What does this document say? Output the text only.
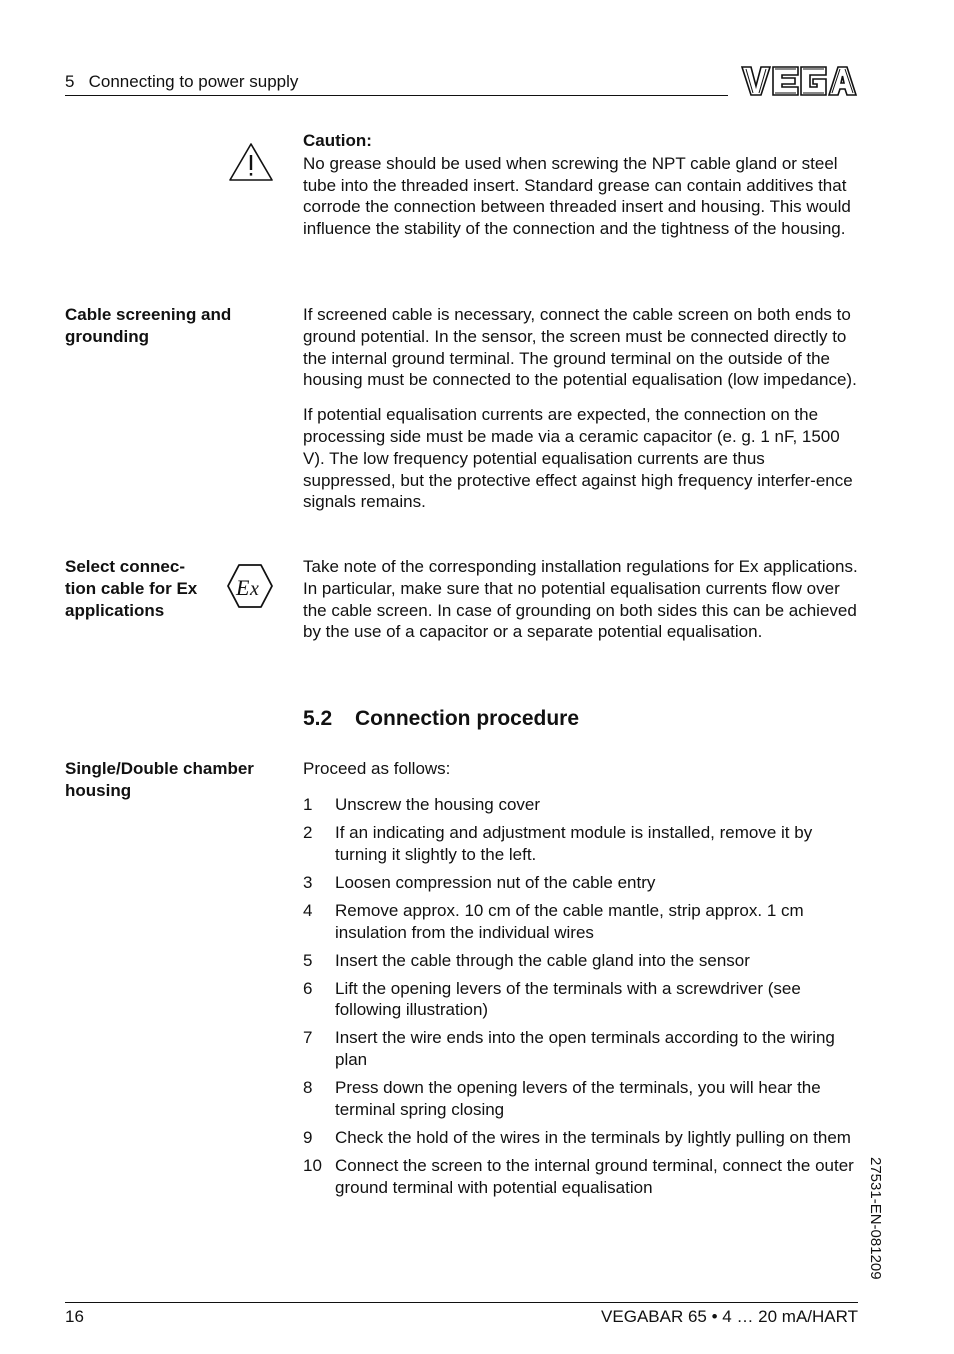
5   Connecting to power supply
Caution:

No grease should be used when screwing the NPT cable gland or steel tube into the threaded insert. Standard grease can contain additives that corrode the connection between threaded insert and housing. This would influence the stability of the connection and the tightness of the housing.

Cable screening and grounding

If screened cable is necessary, connect the cable screen on both ends to ground potential. In the sensor, the screen must be connected directly to the internal ground terminal. The ground terminal on the outside of the housing must be connected to the potential equalisation (low impedance).

If potential equalisation currents are expected, the connection on the processing side must be made via a ceramic capacitor (e. g. 1 nF, 1500 V). The low frequency potential equalisation currents are thus suppressed, but the protective effect against high frequency interfer-ence signals remains.

Select connec-tion cable for Ex applications
E x
Take note of the corresponding installation regulations for Ex applications. In particular, make sure that no potential equalisation currents flow over the cable screen. In case of grounding on both sides this can be achieved by the use of a capacitor or a separate potential equalisation.
5.2 Connection procedure
Single/Double chamber housing
Proceed as follows:
1	Unscrew the housing cover
2	If an indicating and adjustment module is installed, remove it by turning it slightly to the left.
3	Loosen compression nut of the cable entry
4	Remove approx. 10 cm of the cable mantle, strip approx. 1 cm insulation from the individual wires
5	Insert the cable through the cable gland into the sensor
6	Lift the opening levers of the terminals with a screwdriver (see following illustration)
7	Insert the wire ends into the open terminals according to the wiring plan
8	Press down the opening levers of the terminals, you will hear the terminal spring closing
9	Check the hold of the wires in the terminals by lightly pulling on them
10 Connect the screen to the internal ground terminal, connect the outer ground terminal with potential equalisation
16	VEGABAR 65 • 4 … 20 mA/HART
27531-EN-081209
